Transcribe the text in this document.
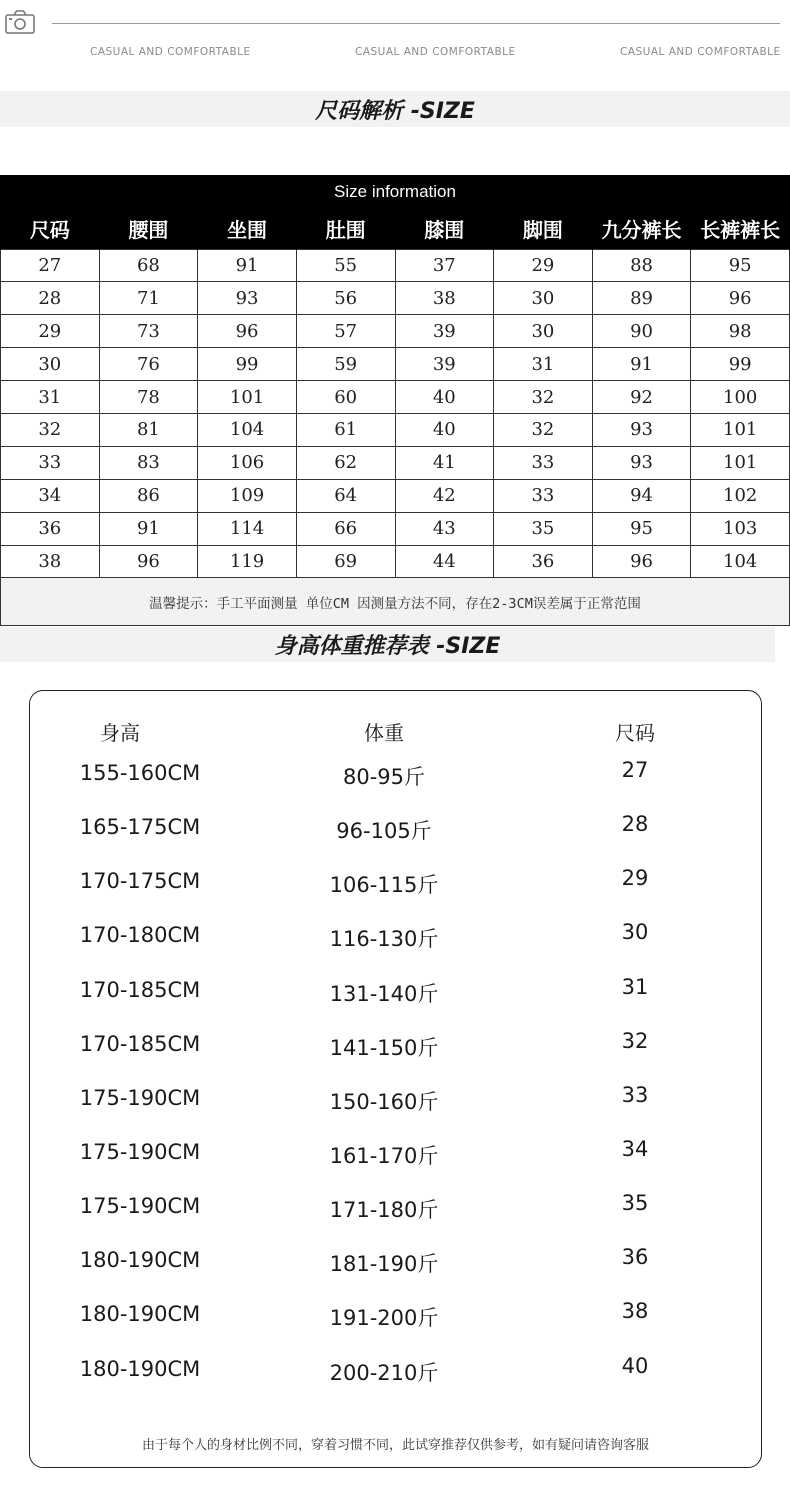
CASUAL AND COMFORTABLE	CASUAL AND COMFORTABLE	CASUAL AND COMFORTABLE
尺码解析 -SIZE
Size information
尺码	腰围	坐围	肚围	膝围	脚围	九分裤长	长裤裤长
27	68	91	55	37	29	88	95
28	71	93	56	38	30	89	96
29	73	96	57	39	30	90	98
30	76	99	59	39	31	91	99
31	78	101	60	40	32	92	100
32	81	104	61	40	32	93	101
33	83	106	62	41	33	93	101
34	86	109	64	42	33	94	102
36	91	114	66	43	35	95	103
38	96	119	69	44	36	96	104
温馨提示：手工平面测量 单位CM 因测量方法不同，存在2-3CM误差属于正常范围
身高体重推荐表 -SIZE
由于每个人的身材比例不同，穿着习惯不同，此试穿推荐仅供参考，如有疑问请咨询客服
身高	体重	尺码
155-160CM	80-95斤	27
165-175CM	96-105斤	28
170-175CM	106-115斤	29
170-180CM	116-130斤	30
170-185CM	131-140斤	31
170-185CM	141-150斤	32
175-190CM	150-160斤	33
175-190CM	161-170斤	34
175-190CM	171-180斤	35
180-190CM	181-190斤	36
180-190CM	191-200斤	38
180-190CM	200-210斤	40
